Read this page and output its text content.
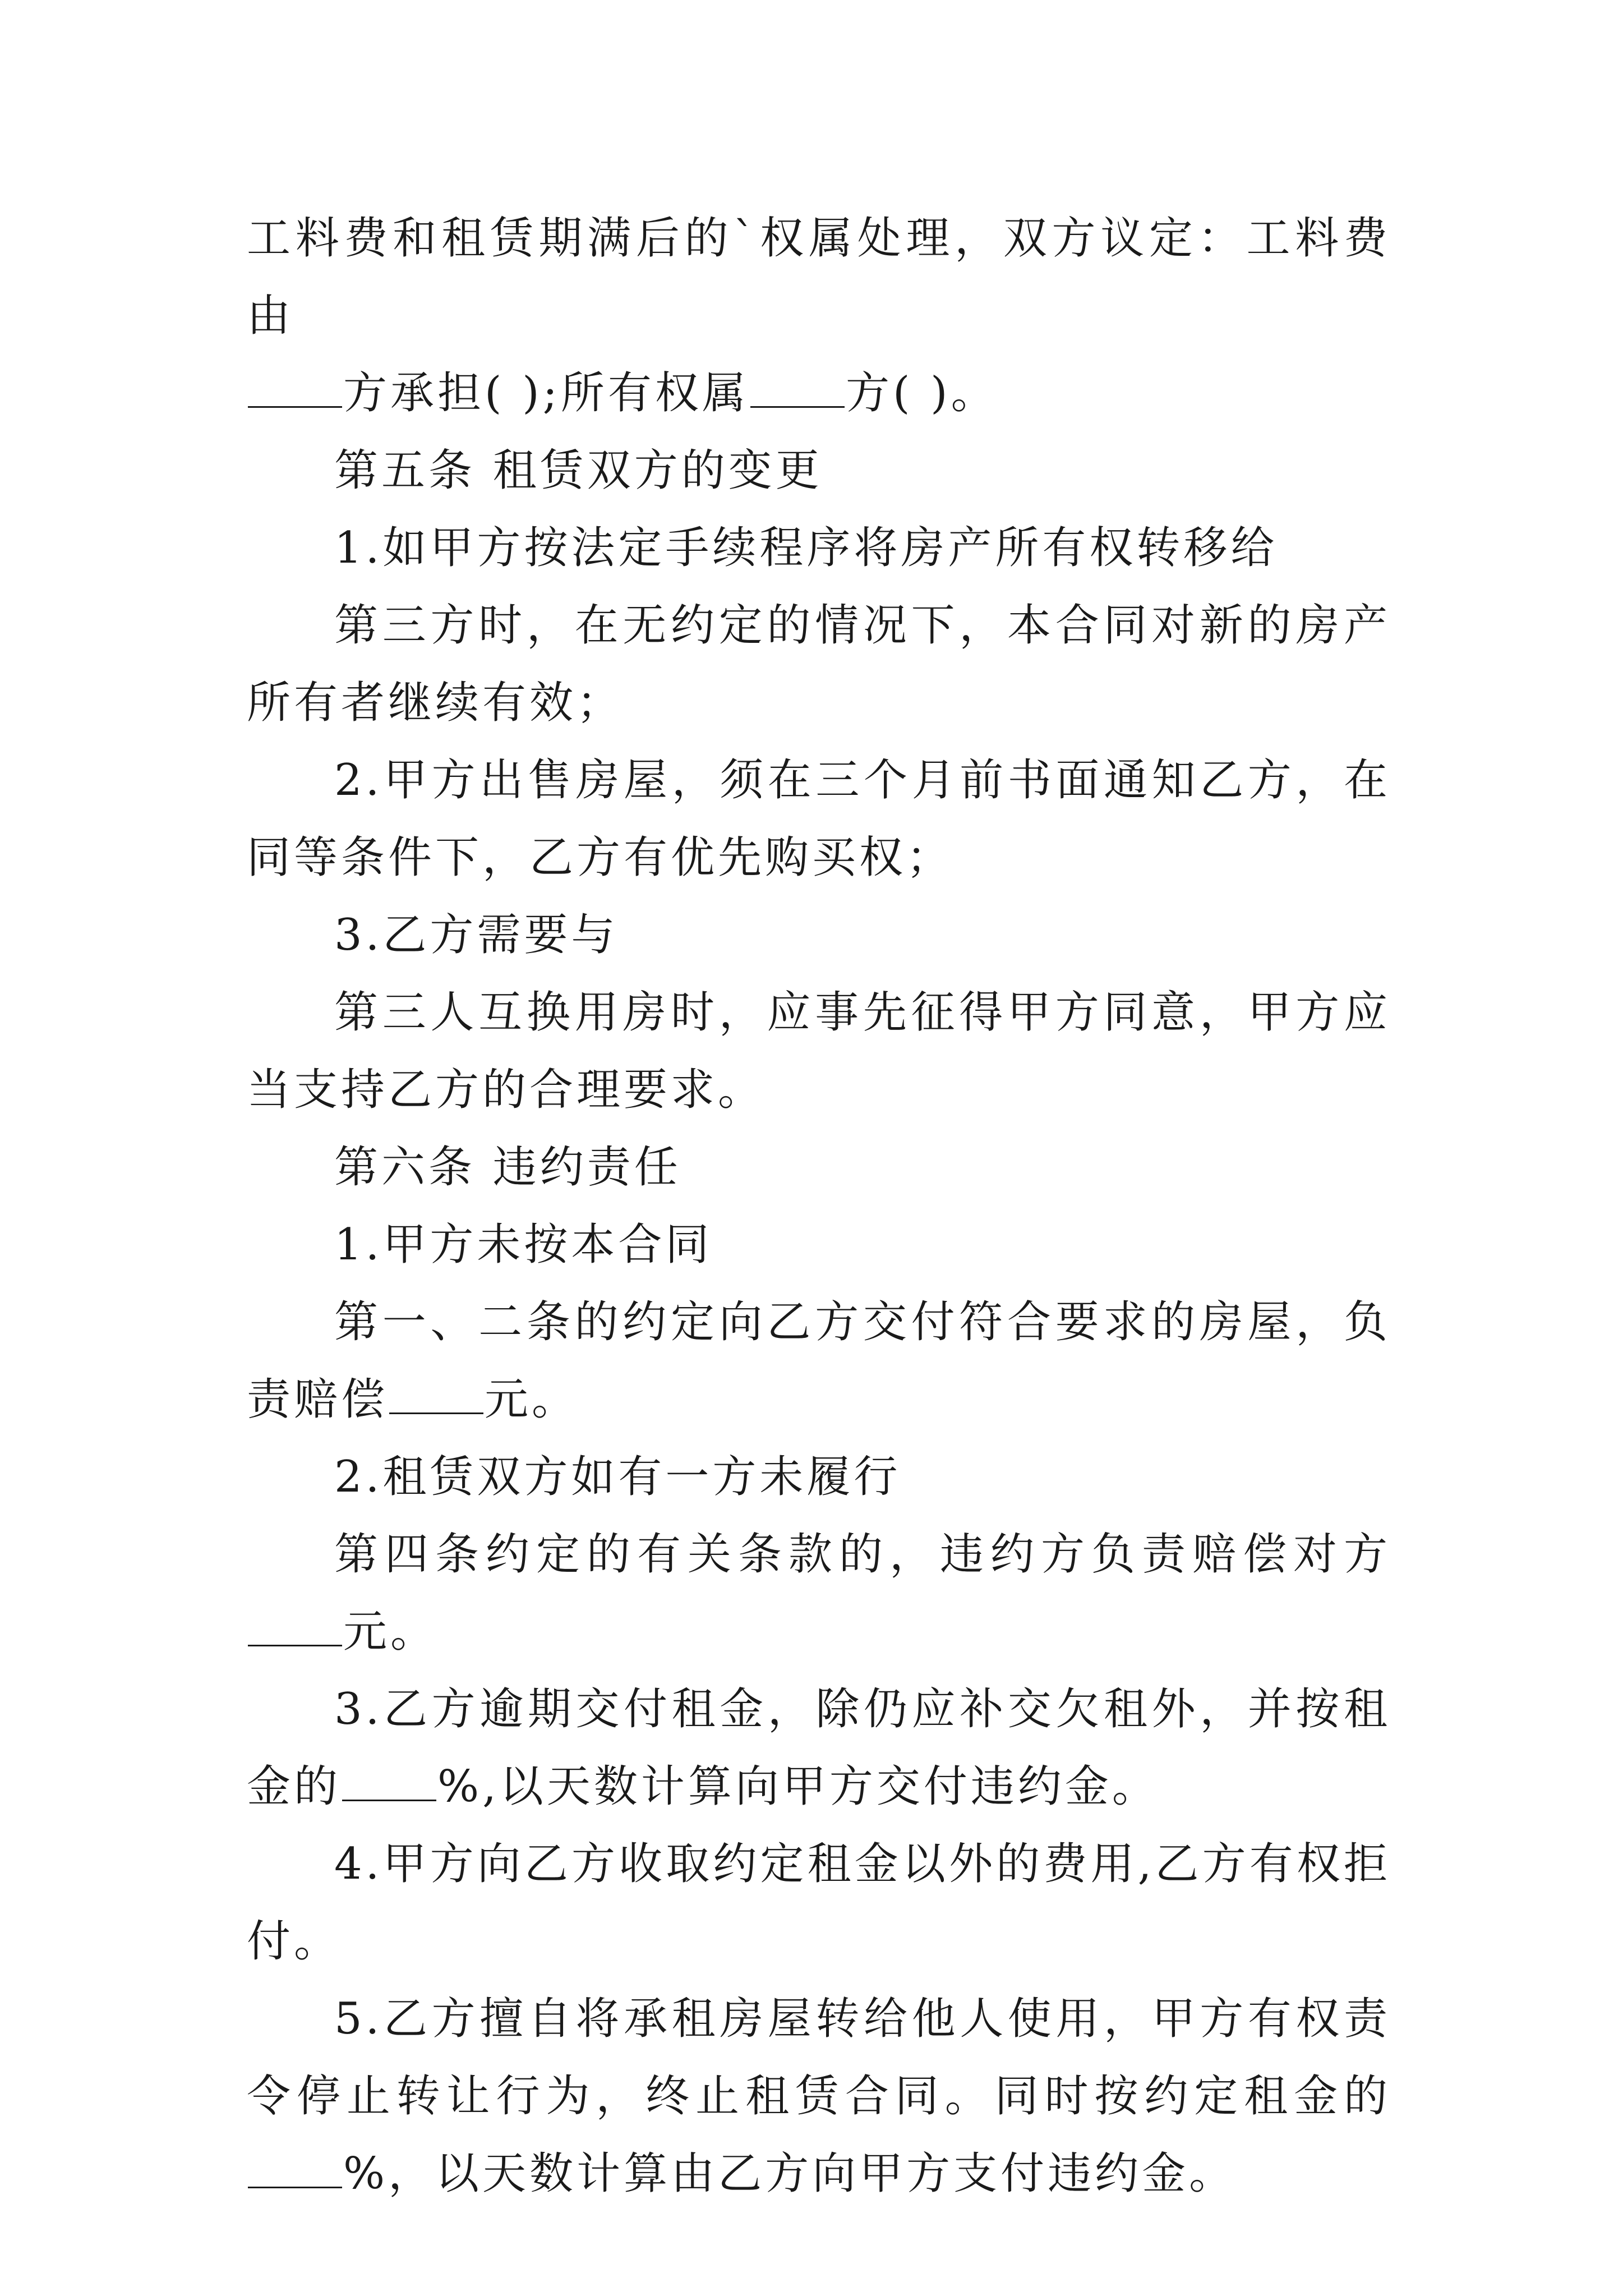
工料费和租赁期满后的`权属处理，双方议定：工料费由

方承担( );所有权属 方( )。

第五条 租赁双方的变更

1.如甲方按法定手续程序将房产所有权转移给

第三方时，在无约定的情况下，本合同对新的房产所有者继续有效；

2.甲方出售房屋，须在三个月前书面通知乙方，在同等条件下，乙方有优先购买权；

3.乙方需要与

第三人互换用房时，应事先征得甲方同意，甲方应当支持乙方的合理要求。

第六条 违约责任

1.甲方未按本合同

第一、二条的约定向乙方交付符合要求的房屋，负责赔偿 元。

2.租赁双方如有一方未履行

第四条约定的有关条款的，违约方负责赔偿对方元。

3.乙方逾期交付租金，除仍应补交欠租外，并按租金的 %,以天数计算向甲方交付违约金。

4.甲方向乙方收取约定租金以外的费用,乙方有权拒付。

5.乙方擅自将承租房屋转给他人使用，甲方有权责令停止转让行为，终止租赁合同。同时按约定租金的%，以天数计算由乙方向甲方支付违约金。
